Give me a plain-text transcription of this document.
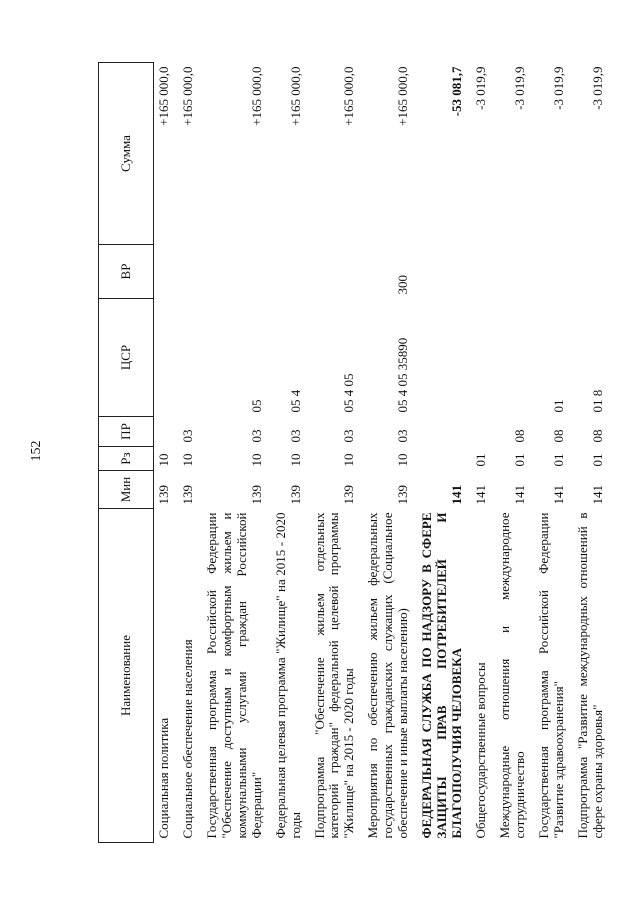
152
Наименование	Мин	Рз	ПР	ЦСР	ВР	Сумма
Социальная политика	139	10				+165 000,0
Социальное обеспечение населения	139	10	03			+165 000,0
Государственная программа Российской Федерации "Обеспечение доступным и комфортным жильем и коммунальными услугами граждан Российской Федерации"	139	10	03	05		+165 000,0
Федеральная целевая программа "Жилище" на 2015 - 2020 годы	139	10	03	05 4		+165 000,0
Подпрограмма "Обеспечение жильем отдельных категорий граждан" федеральной целевой программы "Жилище" на 2015 - 2020 годы	139	10	03	05 4 05		+165 000,0
Мероприятия по обеспечению жильем федеральных государственных гражданских служащих (Социальное обеспечение и иные выплаты населению)	139	10	03	05 4 05 35890	300	+165 000,0
ФЕДЕРАЛЬНАЯ СЛУЖБА ПО НАДЗОРУ В СФЕРЕ ЗАЩИТЫ ПРАВ ПОТРЕБИТЕЛЕЙ И БЛАГОПОЛУЧИЯ ЧЕЛОВЕКА	141					-53 081,7
Общегосударственные вопросы	141	01				-3 019,9
Международные отношения и международное сотрудничество	141	01	08			-3 019,9
Государственная программа Российской Федерации "Развитие здравоохранения"	141	01	08	01		-3 019,9
Подпрограмма "Развитие международных отношений в сфере охраны здоровья"	141	01	08	01 8		-3 019,9
